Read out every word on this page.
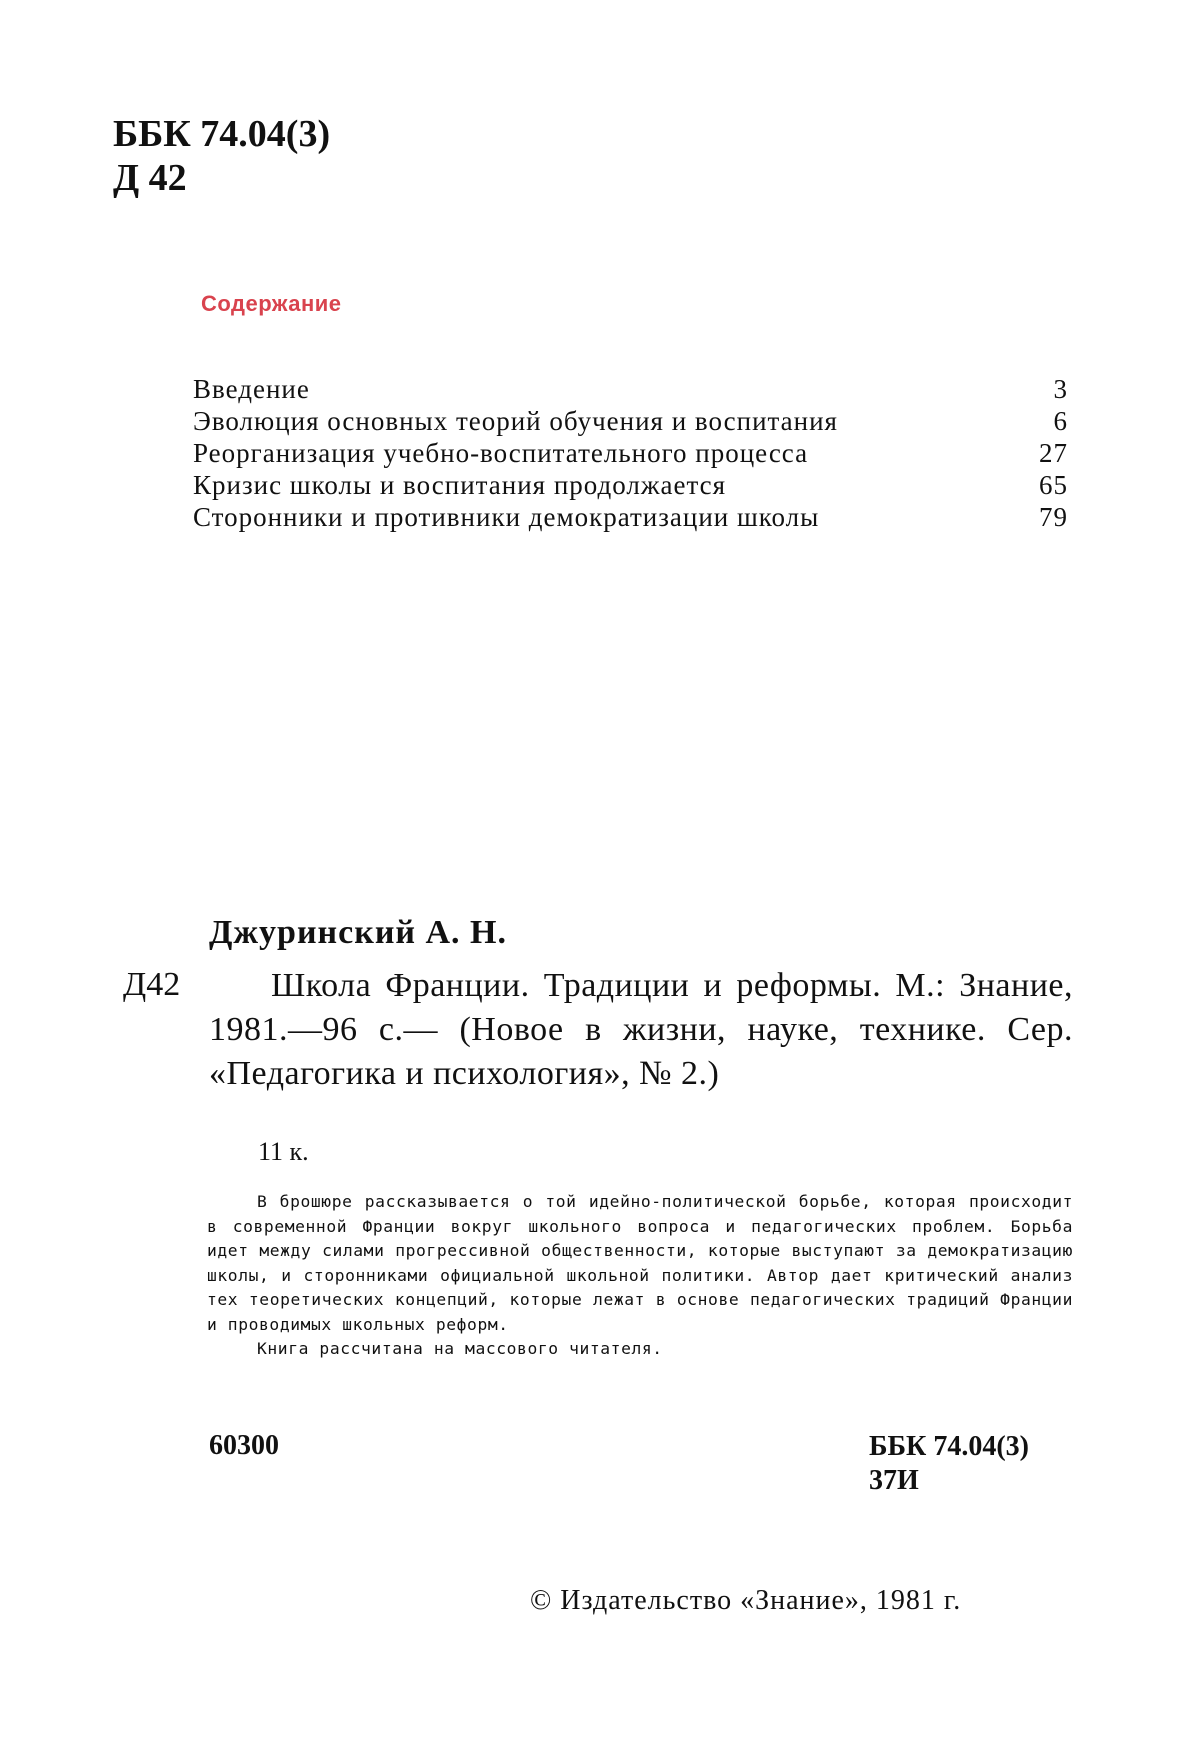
ББК 74.04(3)
Д 42
Содержание
Введение	3
Эволюция основных теорий обучения и воспитания	6
Реорганизация учебно-воспитательного процесса	27
Кризис школы и воспитания продолжается	65
Сторонники и противники демократизации школы	79
Джуринский А. Н.
Д42	Школа Франции. Традиции и реформы. М.: Знание, 1981.—96 с.— (Новое в жизни, науке, технике. Сер. «Педагогика и психология», № 2.)
11 к.

В брошюре рассказывается о той идейно-политической борьбе, которая происходит в современной Франции вокруг школьного вопроса и педагогических проблем. Борьба идет между силами прогрессивной общественности, которые выступают за демократизацию школы, и сторонниками официальной школьной политики. Автор дает критический анализ тех теоретических концепций, которые лежат в основе педагогических традиций Франции и проводимых школьных реформ.

Книга рассчитана на массового читателя.

60300	ББК 74.04(3)
37И
© Издательство «Знание», 1981 г.
